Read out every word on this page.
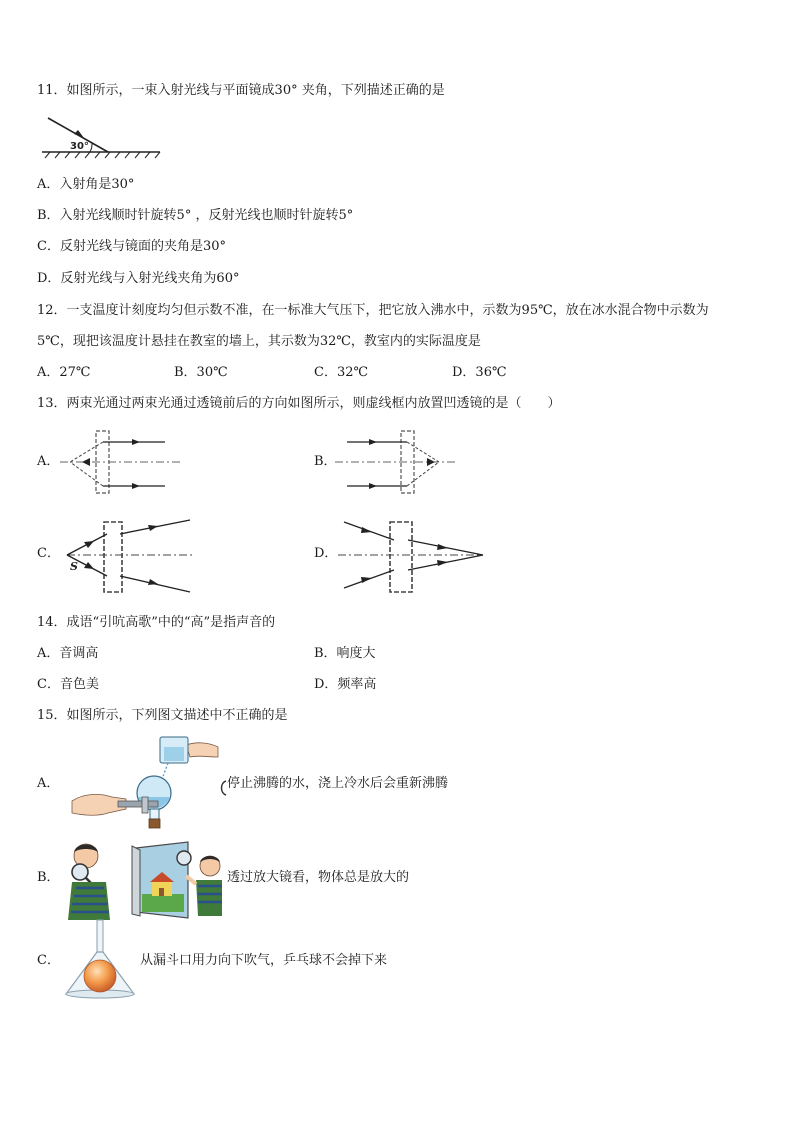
11．如图所示，一束入射光线与平面镜成30° 夹角，下列描述正确的是
30°
A．入射角是30°
B．入射光线顺时针旋转5° ，反射光线也顺时针旋转5°
C．反射光线与镜面的夹角是30°
D．反射光线与入射光线夹角为60°
12．一支温度计刻度均匀但示数不准，在一标准大气压下，把它放入沸水中，示数为95℃，放在冰水混合物中示数为
5℃，现把该温度计悬挂在教室的墙上，其示数为32℃，教室内的实际温度是
A．27℃	B．30℃	C．32℃	D．36℃
13．两束光通过两束光通过透镜前后的方向如图所示，则虚线框内放置凹透镜的是（　　）
A．	B．
C．
S
D．
14．成语“引吭高歌”中的“高”是指声音的
A．音调高	B．响度大
C．音色美	D．频率高
15．如图所示，下列图文描述中不正确的是
A．	停止沸腾的水，浇上冷水后会重新沸腾
B．	透过放大镜看，物体总是放大的
C．	从漏斗口用力向下吹气，乒乓球不会掉下来
